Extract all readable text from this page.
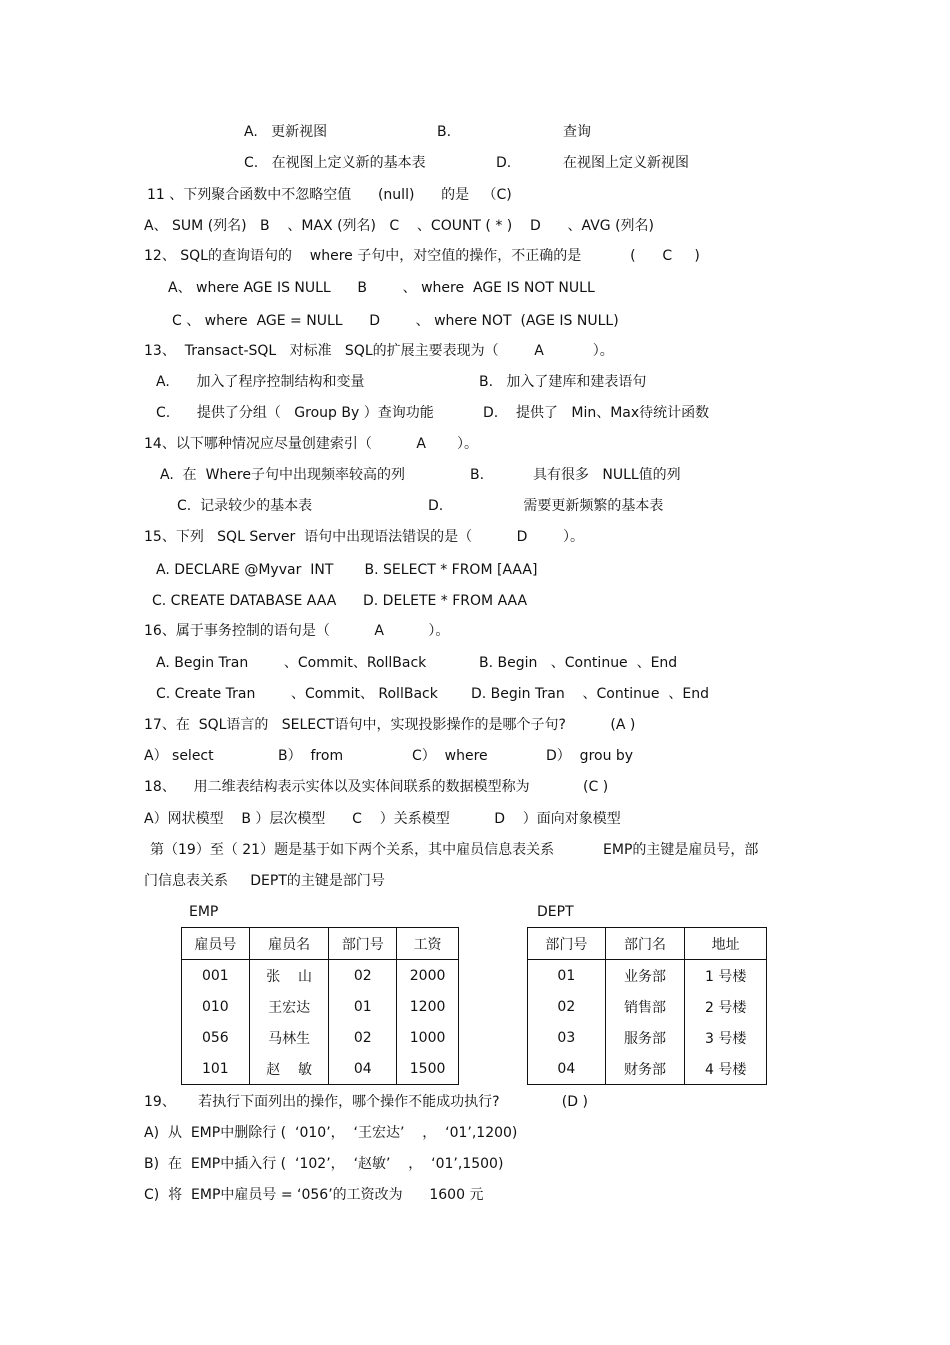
A.   更新视图	B.	查询
C.   在视图上定义新的基本表	D.	在视图上定义新视图
11 、下列聚合函数中不忽略空值      (null)      的是   （C)
A、 SUM (列名)   B    、MAX (列名)   C    、COUNT ( * )    D      、AVG (列名)
12、 SQL的查询语句的    where 子句中，对空值的操作，不正确的是           (      C     )
A、 where AGE IS NULL      B        、 where  AGE IS NOT NULL
C 、 where  AGE = NULL      D        、 where NOT  (AGE IS NULL)
13、  Transact-SQL   对标准   SQL的扩展主要表现为（        A           ）。
A.      加入了程序控制结构和变量	B.   加入了建库和建表语句
C.      提供了分组（   Group By ）查询功能	D.    提供了   Min、Max待统计函数
14、以下哪种情况应尽量创建索引（          A       ）。
A.  在  Where子句中出现频率较高的列	B.           具有很多   NULL值的列
C.  记录较少的基本表	D.                  需要更新频繁的基本表
15、下列   SQL Server  语句中出现语法错误的是（          D        ）。
A. DECLARE @Myvar  INT       B. SELECT * FROM [AAA]
C. CREATE DATABASE AAA      D. DELETE * FROM AAA
16、属于事务控制的语句是（          A          ）。
A. Begin Tran        、Commit、RollBack	B. Begin   、Continue  、End
C. Create Tran        、Commit、 RollBack D. Begin Tran    、Continue  、End
17、在  SQL语言的   SELECT语句中，实现投影操作的是哪个子句?          (A )
A） select	B）  from	C）  where	D）  grou by
18、    用二维表结构表示实体以及实体间联系的数据模型称为            (C )
A）网状模型    B ）层次模型      C    ）关系模型          D    ）面向对象模型
第（19）至（ 21）题是基于如下两个关系，其中雇员信息表关系           EMP的主键是雇员号，部
门信息表关系     DEPT的主键是部门号
EMP	DEPT
雇员号	雇员名	部门号	工资
001	张    山	02	2000
010	王宏达	01	1200
056	马林生	02	1000
101	赵    敏	04	1500
部门号	部门名	地址
01	业务部	1 号楼
02	销售部	2 号楼
03	服务部	3 号楼
04	财务部	4 号楼
19、     若执行下面列出的操作，哪个操作不能成功执行?              (D )
A)  从  EMP中删除行 (  ‘010’，  ‘王宏达’    ，  ‘01’,1200)
B)  在  EMP中插入行 (  ‘102’，  ‘赵敏’    ，  ‘01’,1500)
C)  将  EMP中雇员号 = ‘056’的工资改为      1600 元
